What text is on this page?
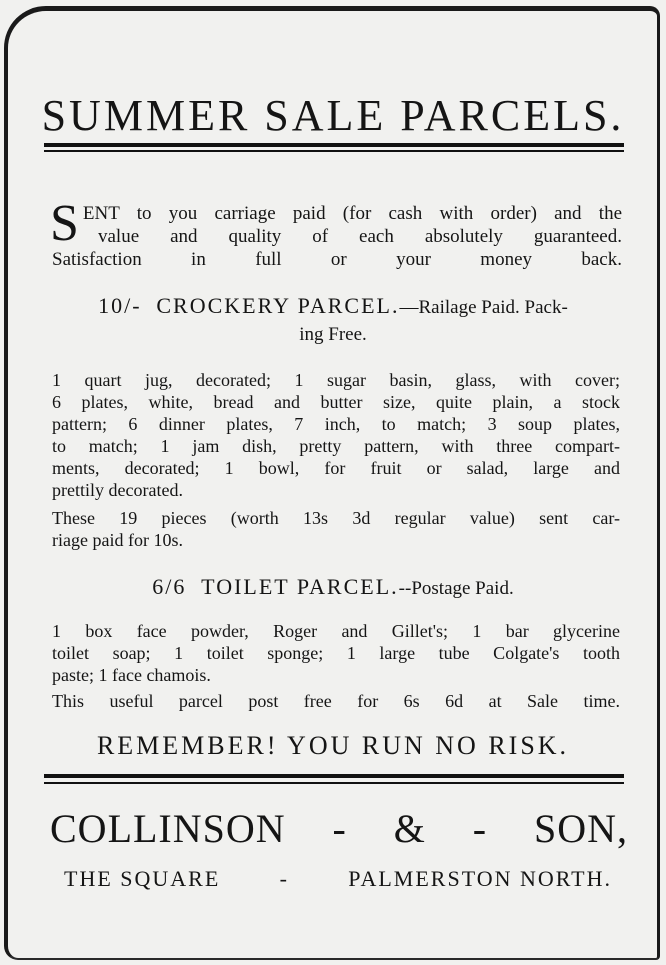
SUMMER SALE PARCELS.
S ENT to you carriage paid (for cash with order) and the
value and quality of each absolutely guaranteed.
Satisfaction in full or your money back.
10/- CROCKERY PARCEL.—Railage Paid. Pack-
ing Free.
1 quart jug, decorated; 1 sugar basin, glass, with cover;
6 plates, white, bread and butter size, quite plain, a stock
pattern; 6 dinner plates, 7 inch, to match; 3 soup plates,
to match; 1 jam dish, pretty pattern, with three compart-
ments, decorated; 1 bowl, for fruit or salad, large and
prettily decorated.
These 19 pieces (worth 13s 3d regular value) sent car-
riage paid for 10s.
6/6 TOILET PARCEL.--Postage Paid.
1 box face powder, Roger and Gillet's; 1 bar glycerine
toilet soap; 1 toilet sponge; 1 large tube Colgate's tooth
paste; 1 face chamois.
This useful parcel post free for 6s 6d at Sale time.
REMEMBER! YOU RUN NO RISK.
COLLINSON - & - SON,
THE SQUARE	-	PALMERSTON NORTH.
